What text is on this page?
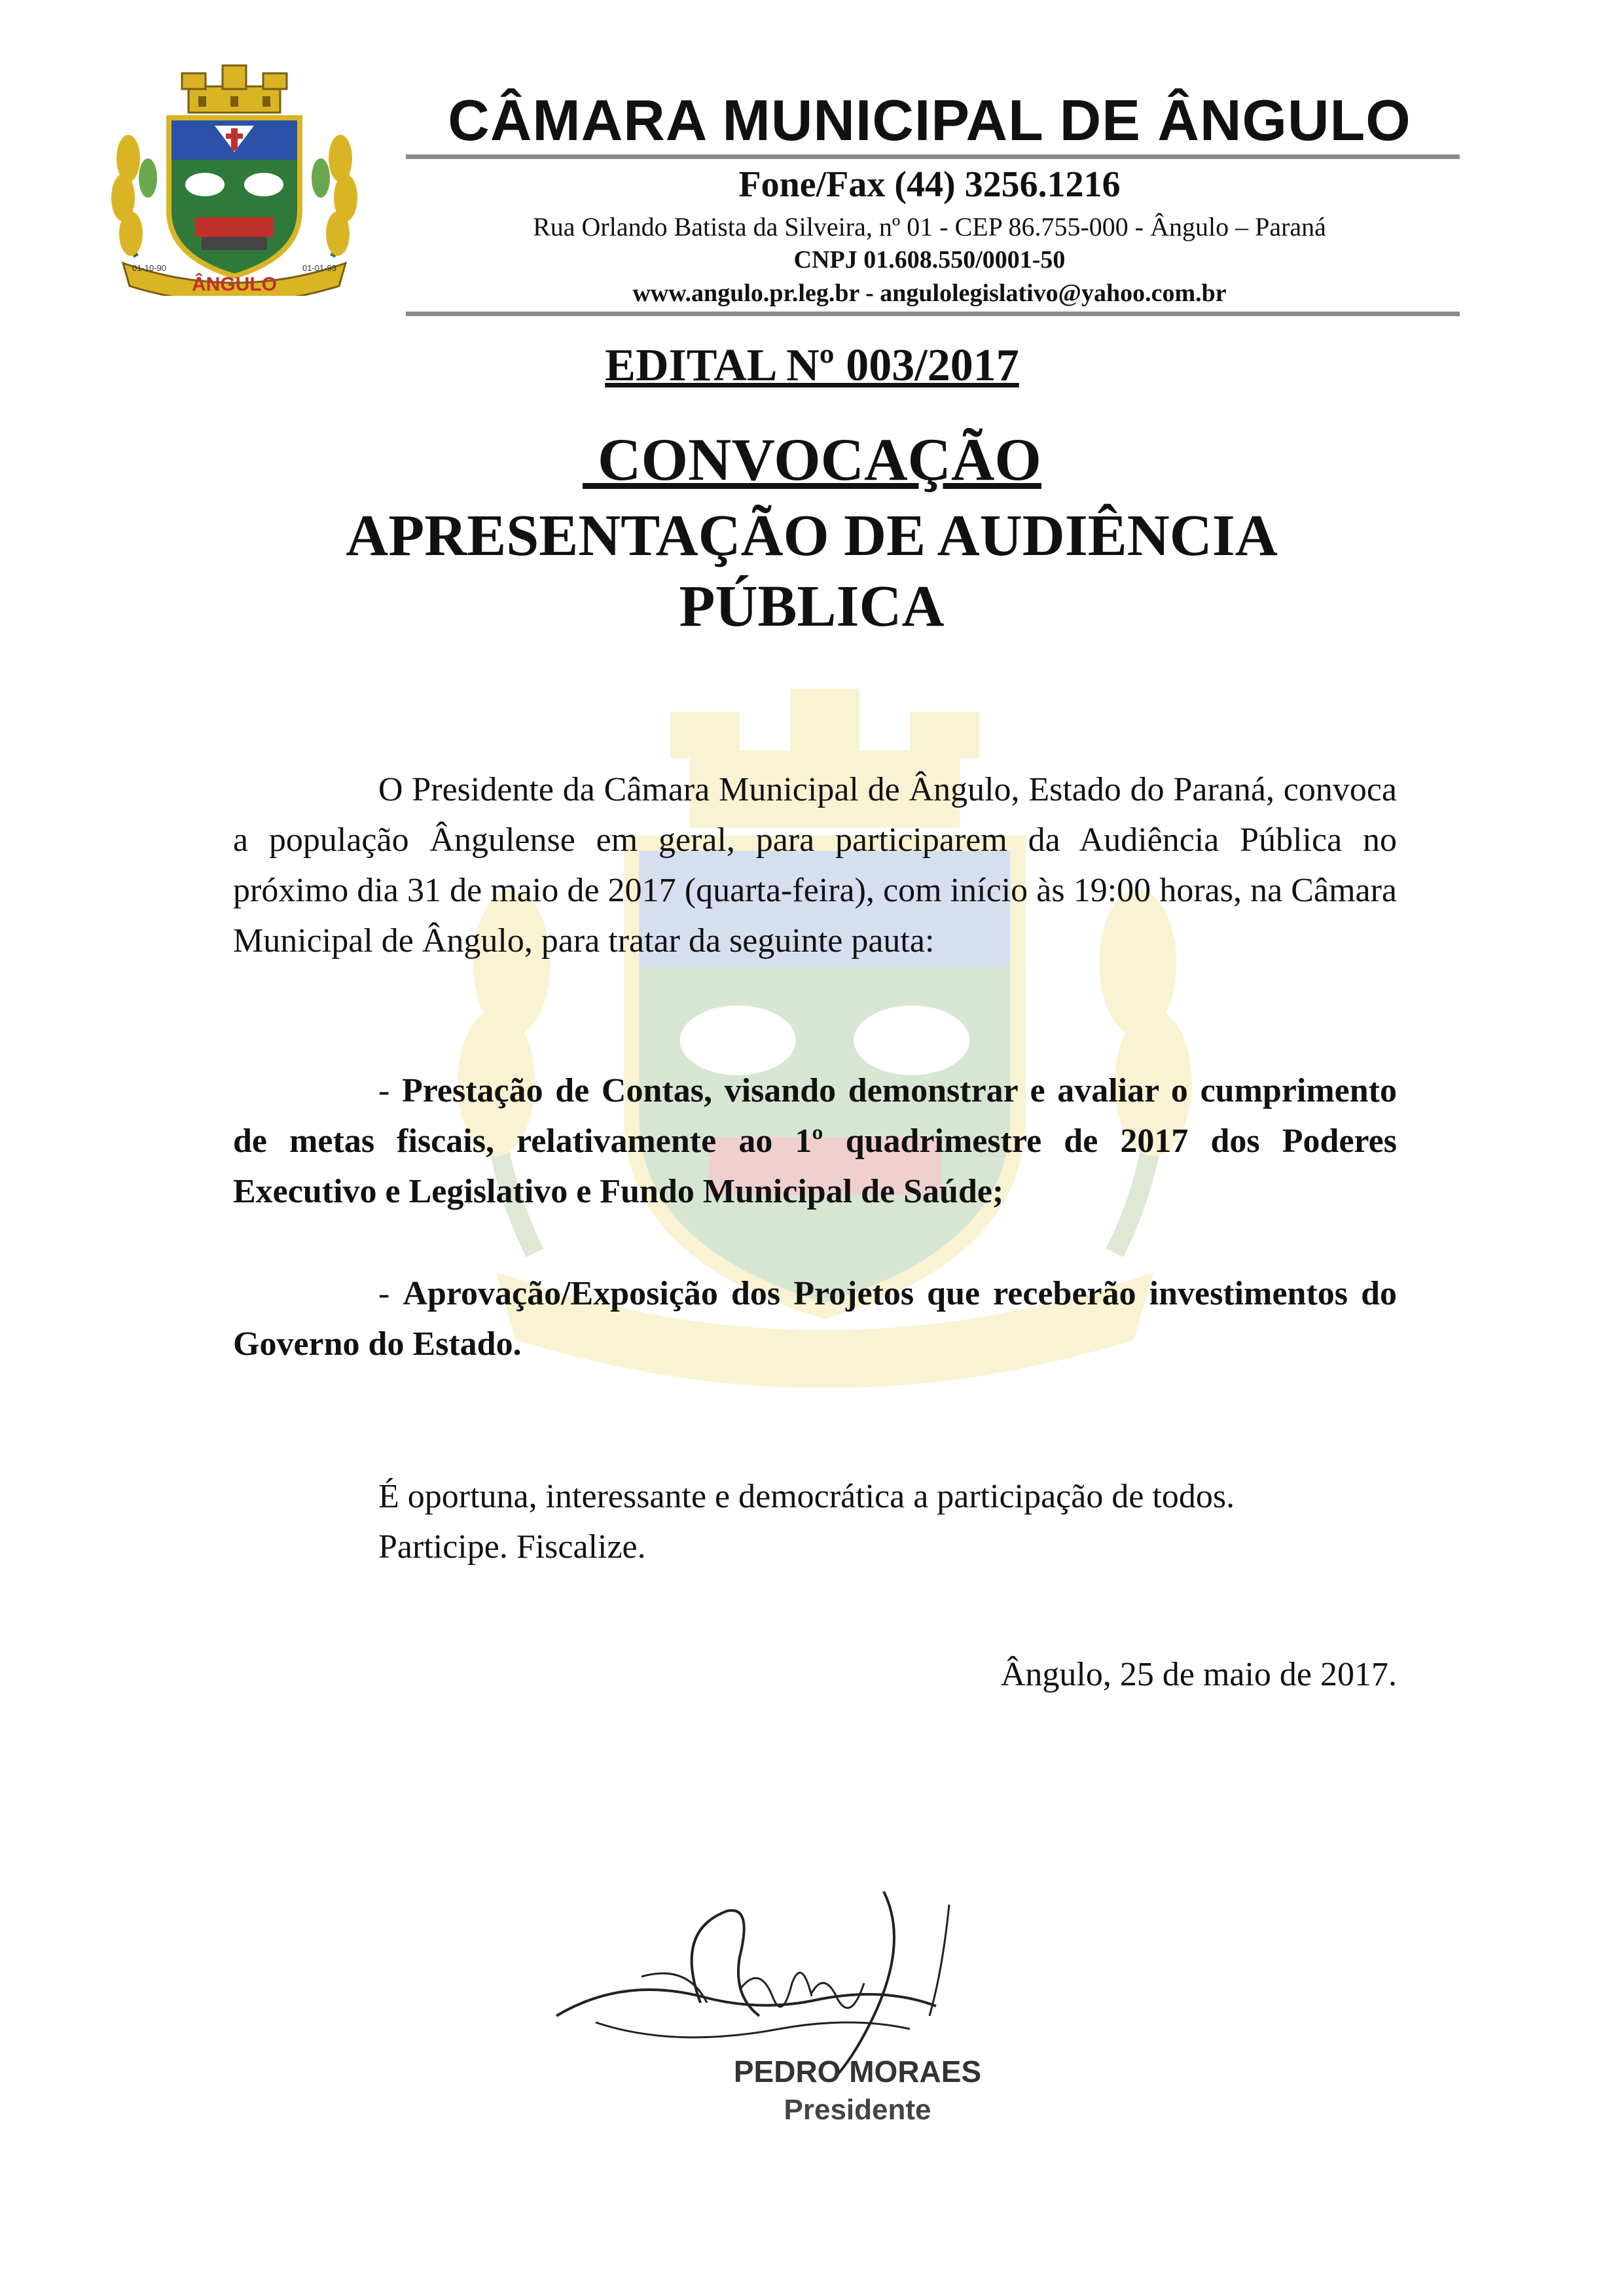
ÂNGULO
01-10-90	01-01-93
CÂMARA MUNICIPAL DE ÂNGULO
Fone/Fax (44) 3256.1216
Rua Orlando Batista da Silveira, nº 01 - CEP 86.755-000 - Ângulo – Paraná
CNPJ 01.608.550/0001-50
www.angulo.pr.leg.br - angulolegislativo@yahoo.com.br
EDITAL Nº 003/2017
CONVOCAÇÃO
APRESENTAÇÃO DE AUDIÊNCIA PÚBLICA

O Presidente da Câmara Municipal de Ângulo, Estado do Paraná, convoca a população Ângulense em geral, para participarem da Audiência Pública no próximo dia 31 de maio de 2017 (quarta-feira), com início às 19:00 horas, na Câmara Municipal de Ângulo, para tratar da seguinte pauta:

- Prestação de Contas, visando demonstrar e avaliar o cumprimento de metas fiscais, relativamente ao 1º quadrimestre de 2017 dos Poderes Executivo e Legislativo e Fundo Municipal de Saúde;

- Aprovação/Exposição dos Projetos que receberão investimentos do Governo do Estado.

É oportuna, interessante e democrática a participação de todos.
Participe. Fiscalize.
Ângulo, 25 de maio de 2017.
PEDRO MORAES
Presidente
